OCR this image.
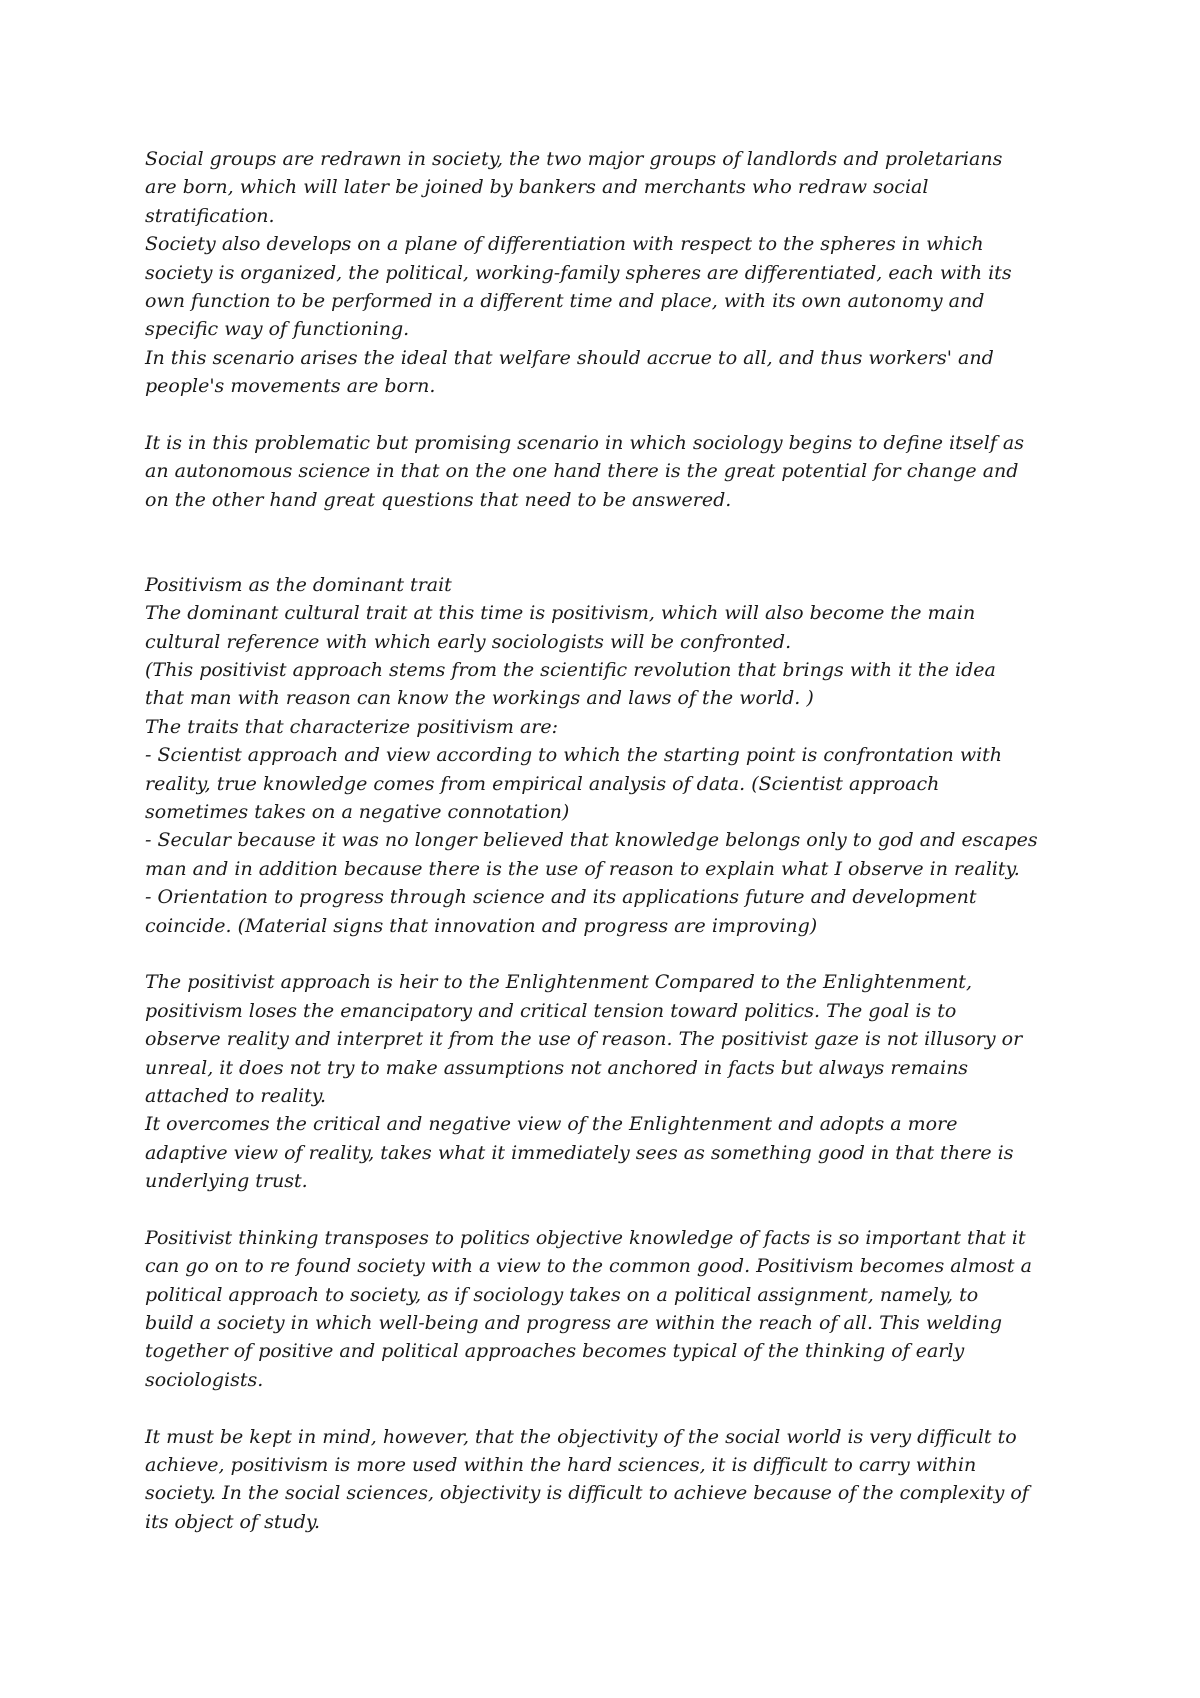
Social groups are redrawn in society, the two major groups of landlords and proletarians
are born, which will later be joined by bankers and merchants who redraw social
stratification.
Society also develops on a plane of differentiation with respect to the spheres in which
society is organized, the political, working-family spheres are differentiated, each with its
own function to be performed in a different time and place, with its own autonomy and
specific way of functioning.
In this scenario arises the ideal that welfare should accrue to all, and thus workers' and
people's movements are born.
It is in this problematic but promising scenario in which sociology begins to define itself as
an autonomous science in that on the one hand there is the great potential for change and
on the other hand great questions that need to be answered.
Positivism as the dominant trait
The dominant cultural trait at this time is positivism, which will also become the main
cultural reference with which early sociologists will be confronted.
(This positivist approach stems from the scientific revolution that brings with it the idea
that man with reason can know the workings and laws of the world. )
The traits that characterize positivism are:
- Scientist approach and view according to which the starting point is confrontation with
reality, true knowledge comes from empirical analysis of data. (Scientist approach
sometimes takes on a negative connotation)
- Secular because it was no longer believed that knowledge belongs only to god and escapes
man and in addition because there is the use of reason to explain what I observe in reality.
- Orientation to progress through science and its applications future and development
coincide. (Material signs that innovation and progress are improving)
The positivist approach is heir to the Enlightenment Compared to the Enlightenment,
positivism loses the emancipatory and critical tension toward politics. The goal is to
observe reality and interpret it from the use of reason. The positivist gaze is not illusory or
unreal, it does not try to make assumptions not anchored in facts but always remains
attached to reality.
It overcomes the critical and negative view of the Enlightenment and adopts a more
adaptive view of reality, takes what it immediately sees as something good in that there is
underlying trust.
Positivist thinking transposes to politics objective knowledge of facts is so important that it
can go on to re found society with a view to the common good. Positivism becomes almost a
political approach to society, as if sociology takes on a political assignment, namely, to
build a society in which well-being and progress are within the reach of all. This welding
together of positive and political approaches becomes typical of the thinking of early
sociologists.
It must be kept in mind, however, that the objectivity of the social world is very difficult to
achieve, positivism is more used within the hard sciences, it is difficult to carry within
society. In the social sciences, objectivity is difficult to achieve because of the complexity of
its object of study.
